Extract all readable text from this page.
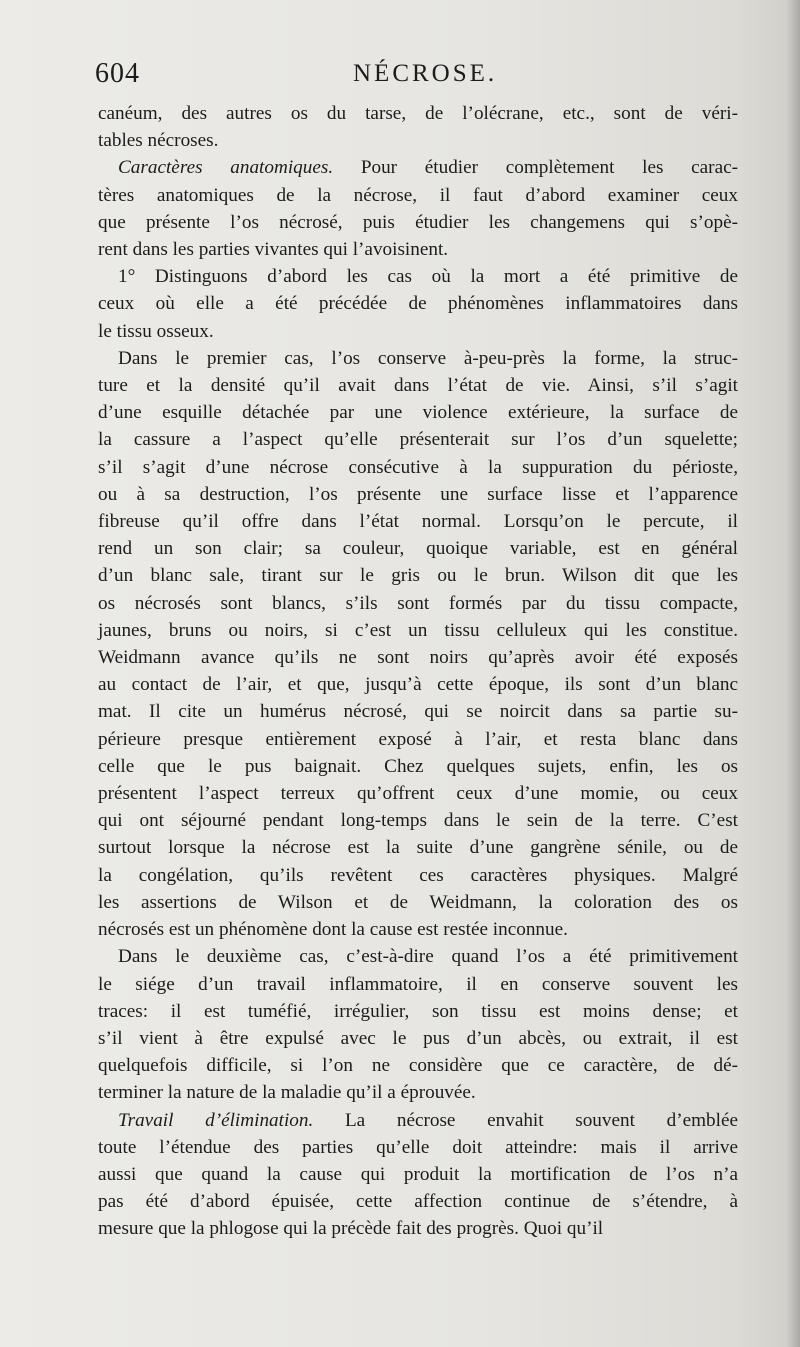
604	NÉCROSE.
canéum, des autres os du tarse, de l’olécrane, etc., sont de véri-
tables nécroses.
Caractères anatomiques. Pour étudier complètement les carac-
tères anatomiques de la nécrose, il faut d’abord examiner ceux
que présente l’os nécrosé, puis étudier les changemens qui s’opè-
rent dans les parties vivantes qui l’avoisinent.
1° Distinguons d’abord les cas où la mort a été primitive de
ceux où elle a été précédée de phénomènes inflammatoires dans
le tissu osseux.
Dans le premier cas, l’os conserve à-peu-près la forme, la struc-
ture et la densité qu’il avait dans l’état de vie. Ainsi, s’il s’agit
d’une esquille détachée par une violence extérieure, la surface de
la cassure a l’aspect qu’elle présenterait sur l’os d’un squelette;
s’il s’agit d’une nécrose consécutive à la suppuration du périoste,
ou à sa destruction, l’os présente une surface lisse et l’apparence
fibreuse qu’il offre dans l’état normal. Lorsqu’on le percute, il
rend un son clair; sa couleur, quoique variable, est en général
d’un blanc sale, tirant sur le gris ou le brun. Wilson dit que les
os nécrosés sont blancs, s’ils sont formés par du tissu compacte,
jaunes, bruns ou noirs, si c’est un tissu celluleux qui les constitue.
Weidmann avance qu’ils ne sont noirs qu’après avoir été exposés
au contact de l’air, et que, jusqu’à cette époque, ils sont d’un blanc
mat. Il cite un humérus nécrosé, qui se noircit dans sa partie su-
périeure presque entièrement exposé à l’air, et resta blanc dans
celle que le pus baignait. Chez quelques sujets, enfin, les os
présentent l’aspect terreux qu’offrent ceux d’une momie, ou ceux
qui ont séjourné pendant long-temps dans le sein de la terre. C’est
surtout lorsque la nécrose est la suite d’une gangrène sénile, ou de
la congélation, qu’ils revêtent ces caractères physiques. Malgré
les assertions de Wilson et de Weidmann, la coloration des os
nécrosés est un phénomène dont la cause est restée inconnue.
Dans le deuxième cas, c’est-à-dire quand l’os a été primitivement
le siége d’un travail inflammatoire, il en conserve souvent les
traces: il est tuméfié, irrégulier, son tissu est moins dense; et
s’il vient à être expulsé avec le pus d’un abcès, ou extrait, il est
quelquefois difficile, si l’on ne considère que ce caractère, de dé-
terminer la nature de la maladie qu’il a éprouvée.
Travail d’élimination. La nécrose envahit souvent d’emblée
toute l’étendue des parties qu’elle doit atteindre: mais il arrive
aussi que quand la cause qui produit la mortification de l’os n’a
pas été d’abord épuisée, cette affection continue de s’étendre, à
mesure que la phlogose qui la précède fait des progrès. Quoi qu’il
